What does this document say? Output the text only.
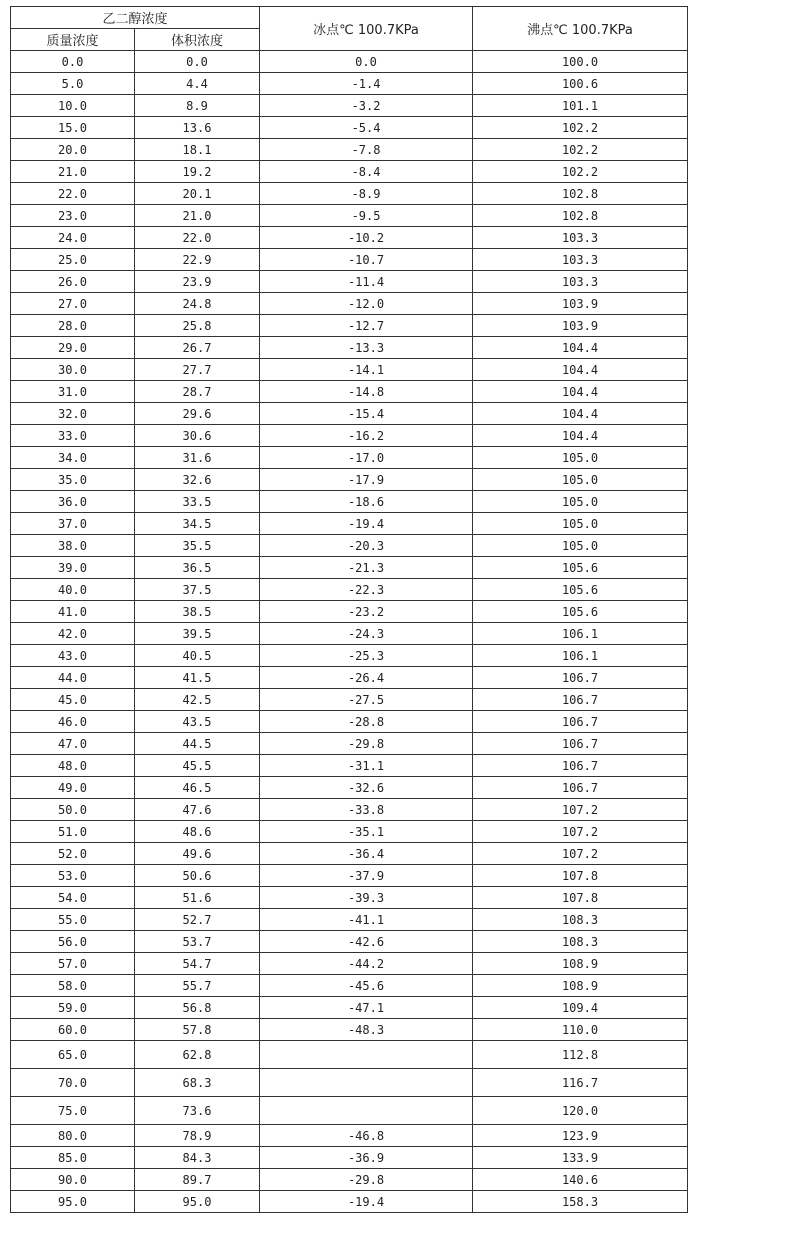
乙二醇浓度		冰点℃ 100.7KPa	沸点℃ 100.7KPa
质量浓度	体积浓度		
0.0	0.0	0.0	100.0
5.0	4.4	-1.4	100.6
10.0	8.9	-3.2	101.1
15.0	13.6	-5.4	102.2
20.0	18.1	-7.8	102.2
21.0	19.2	-8.4	102.2
22.0	20.1	-8.9	102.8
23.0	21.0	-9.5	102.8
24.0	22.0	-10.2	103.3
25.0	22.9	-10.7	103.3
26.0	23.9	-11.4	103.3
27.0	24.8	-12.0	103.9
28.0	25.8	-12.7	103.9
29.0	26.7	-13.3	104.4
30.0	27.7	-14.1	104.4
31.0	28.7	-14.8	104.4
32.0	29.6	-15.4	104.4
33.0	30.6	-16.2	104.4
34.0	31.6	-17.0	105.0
35.0	32.6	-17.9	105.0
36.0	33.5	-18.6	105.0
37.0	34.5	-19.4	105.0
38.0	35.5	-20.3	105.0
39.0	36.5	-21.3	105.6
40.0	37.5	-22.3	105.6
41.0	38.5	-23.2	105.6
42.0	39.5	-24.3	106.1
43.0	40.5	-25.3	106.1
44.0	41.5	-26.4	106.7
45.0	42.5	-27.5	106.7
46.0	43.5	-28.8	106.7
47.0	44.5	-29.8	106.7
48.0	45.5	-31.1	106.7
49.0	46.5	-32.6	106.7
50.0	47.6	-33.8	107.2
51.0	48.6	-35.1	107.2
52.0	49.6	-36.4	107.2
53.0	50.6	-37.9	107.8
54.0	51.6	-39.3	107.8
55.0	52.7	-41.1	108.3
56.0	53.7	-42.6	108.3
57.0	54.7	-44.2	108.9
58.0	55.7	-45.6	108.9
59.0	56.8	-47.1	109.4
60.0	57.8	-48.3	110.0
65.0	62.8		112.8
70.0	68.3		116.7
75.0	73.6		120.0
80.0	78.9	-46.8	123.9
85.0	84.3	-36.9	133.9
90.0	89.7	-29.8	140.6
95.0	95.0	-19.4	158.3
